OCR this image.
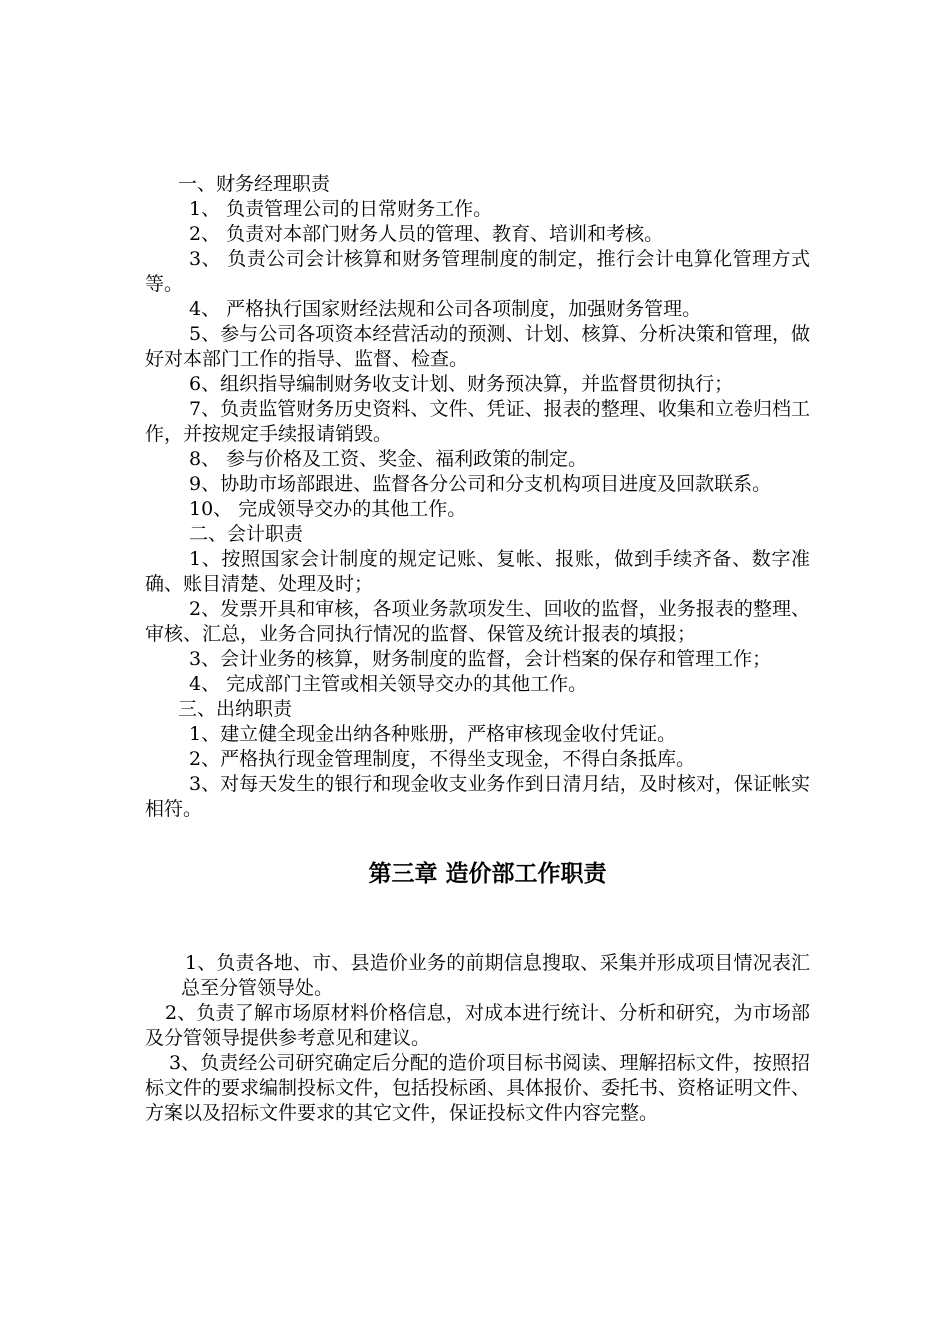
一、财务经理职责

1、 负责管理公司的日常财务工作。

2、 负责对本部门财务人员的管理、教育、培训和考核。

3、 负责公司会计核算和财务管理制度的制定，推行会计电算化管理方式等。

4、 严格执行国家财经法规和公司各项制度，加强财务管理。

5、参与公司各项资本经营活动的预测、计划、核算、分析决策和管理，做好对本部门工作的指导、监督、检查。

6、组织指导编制财务收支计划、财务预决算，并监督贯彻执行；

7、负责监管财务历史资料、文件、凭证、报表的整理、收集和立卷归档工作，并按规定手续报请销毁。

8、 参与价格及工资、奖金、福利政策的制定。

9、协助市场部跟进、监督各分公司和分支机构项目进度及回款联系。

10、 完成领导交办的其他工作。

二、会计职责

1、按照国家会计制度的规定记账、复帐、报账，做到手续齐备、数字准确、账目清楚、处理及时；

2、发票开具和审核，各项业务款项发生、回收的监督，业务报表的整理、审核、汇总，业务合同执行情况的监督、保管及统计报表的填报；

3、会计业务的核算，财务制度的监督，会计档案的保存和管理工作；

4、 完成部门主管或相关领导交办的其他工作。

三、出纳职责

1、建立健全现金出纳各种账册，严格审核现金收付凭证。

2、严格执行现金管理制度，不得坐支现金，不得白条抵库。

3、对每天发生的银行和现金收支业务作到日清月结，及时核对，保证帐实相符。

第三章 造价部工作职责

1、负责各地、市、县造价业务的前期信息搜取、采集并形成项目情况表汇总至分管领导处。

2、负责了解市场原材料价格信息，对成本进行统计、分析和研究，为市场部及分管领导提供参考意见和建议。

3、负责经公司研究确定后分配的造价项目标书阅读、理解招标文件，按照招标文件的要求编制投标文件，包括投标函、具体报价、委托书、资格证明文件、方案以及招标文件要求的其它文件，保证投标文件内容完整。
